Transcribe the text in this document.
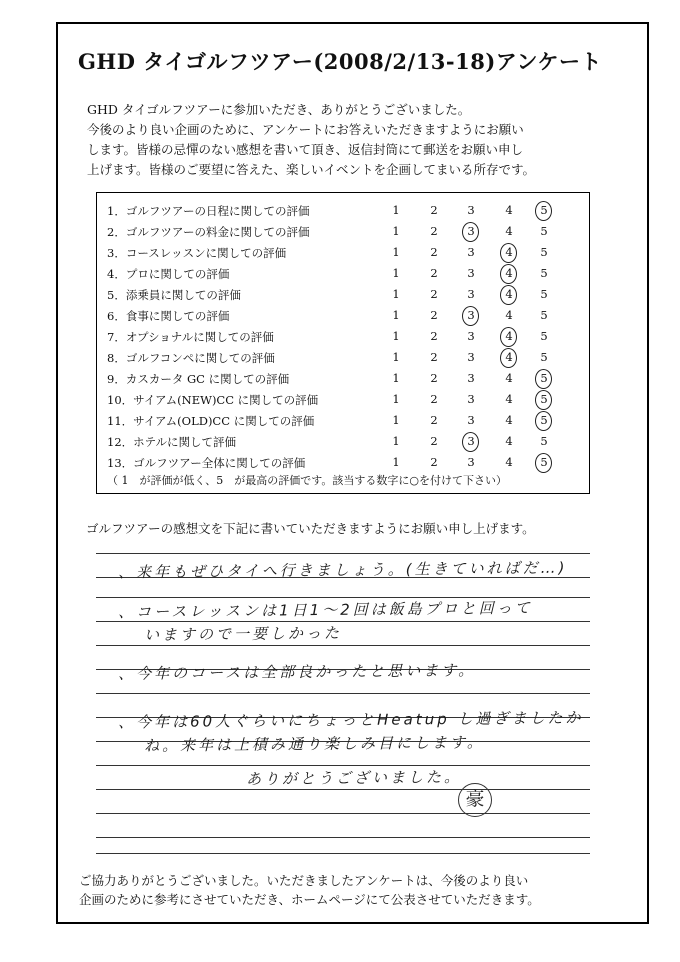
GHD タイゴルフツアー(2008/2/13-18)アンケート
GHD タイゴルフツアーに参加いただき、ありがとうございました。
今後のより良い企画のために、アンケートにお答えいただきますようにお願い
します。皆様の忌憚のない感想を書いて頂き、返信封筒にて郵送をお願い申し
上げます。皆様のご要望に答えた、楽しいイベントを企画してまいる所存です。
（ 1　が評価が低く、5　が最高の評価です。該当する数字に○を付けて下さい）
1．ゴルフツアーの日程に関しての評価	1	2	3	4	5
2．ゴルフツアーの料金に関しての評価	1	2	3	4	5
3．コースレッスンに関しての評価	1	2	3	4	5
4．プロに関しての評価	1	2	3	4	5
5．添乗員に関しての評価	1	2	3	4	5
6．食事に関しての評価	1	2	3	4	5
7．オプショナルに関しての評価	1	2	3	4	5
8．ゴルフコンペに関しての評価	1	2	3	4	5
9．カスカータ GC に関しての評価	1	2	3	4	5
10．サイアム(NEW)CC に関しての評価	1	2	3	4	5
11．サイアム(OLD)CC に関しての評価	1	2	3	4	5
12．ホテルに関して評価	1	2	3	4	5
13．ゴルフツアー全体に関しての評価	1	2	3	4	5
ゴルフツアーの感想文を下記に書いていただきますようにお願い申し上げます。
、来年もぜひタイへ行きましょう。(生きていればだ…)
、コースレッスンは1日1〜2回は飯島プロと回って
いますので一要しかった
、今年のコースは全部良かったと思います。
、今年は60人ぐらいにちょっとHeatup し過ぎましたか
ね。来年は上積み通り楽しみ目にします。
ありがとうございました。
豪
ご協力ありがとうございました。いただきましたアンケートは、今後のより良い
企画のために参考にさせていただき、ホームページにて公表させていただきます。
